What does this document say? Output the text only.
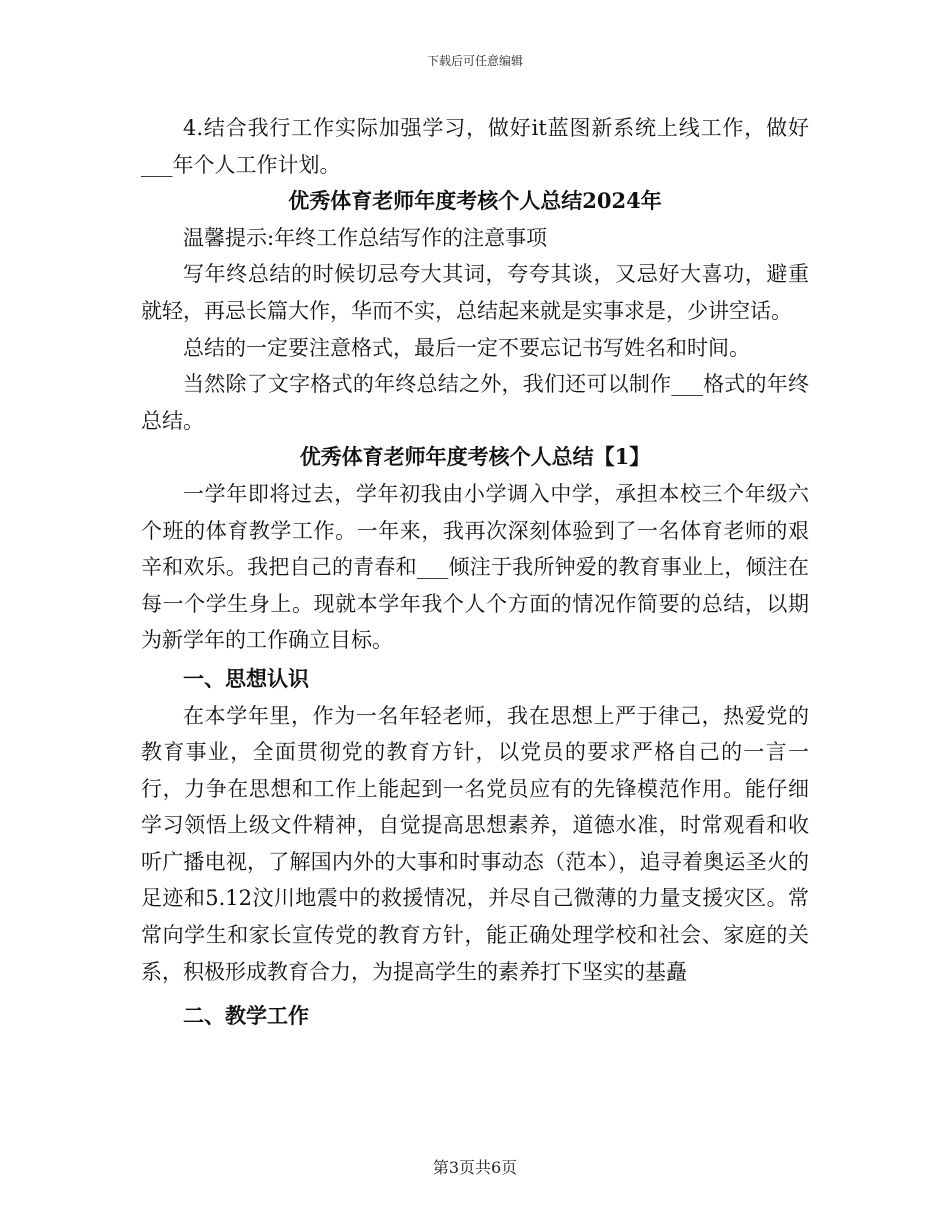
下载后可任意编辑

4.结合我行工作实际加强学习，做好it蓝图新系统上线工作，做好___年个人工作计划。

优秀体育老师年度考核个人总结2024年

温馨提示:年终工作总结写作的注意事项

写年终总结的时候切忌夸大其词，夸夸其谈，又忌好大喜功，避重就轻，再忌长篇大作，华而不实，总结起来就是实事求是，少讲空话。

总结的一定要注意格式，最后一定不要忘记书写姓名和时间。

当然除了文字格式的年终总结之外，我们还可以制作___格式的年终总结。

优秀体育老师年度考核个人总结【1】

一学年即将过去，学年初我由小学调入中学，承担本校三个年级六个班的体育教学工作。一年来，我再次深刻体验到了一名体育老师的艰辛和欢乐。我把自己的青春和___倾注于我所钟爱的教育事业上，倾注在每一个学生身上。现就本学年我个人个方面的情况作简要的总结，以期为新学年的工作确立目标。

一、思想认识

在本学年里，作为一名年轻老师，我在思想上严于律己，热爱党的教育事业，全面贯彻党的教育方针，以党员的要求严格自己的一言一行，力争在思想和工作上能起到一名党员应有的先锋模范作用。能仔细学习领悟上级文件精神，自觉提高思想素养，道德水准，时常观看和收听广播电视，了解国内外的大事和时事动态（范本），追寻着奥运圣火的足迹和5.12汶川地震中的救援情况，并尽自己微薄的力量支援灾区。常常向学生和家长宣传党的教育方针，能正确处理学校和社会、家庭的关系，积极形成教育合力，为提高学生的素养打下坚实的基矗

二、教学工作
第3页共6页
